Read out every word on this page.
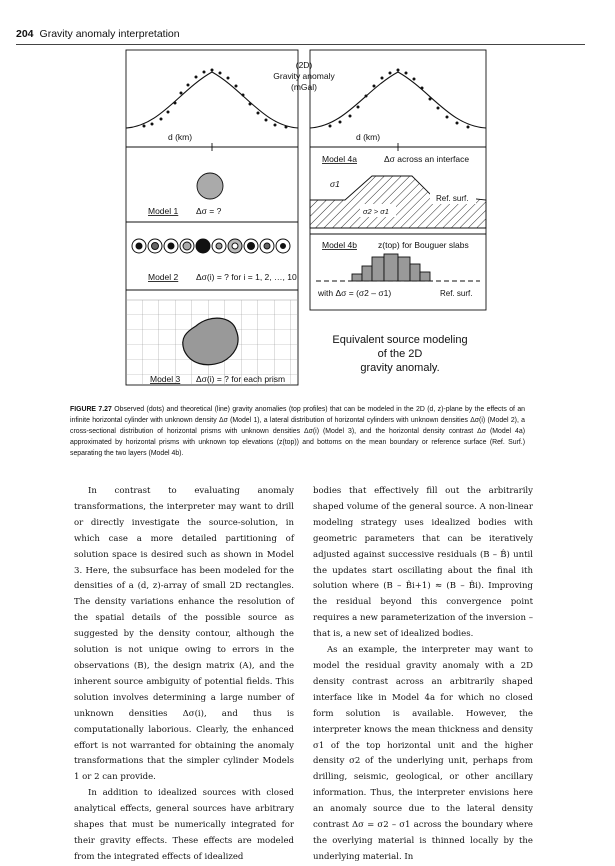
204 Gravity anomaly interpretation
d (km)	d (km)
(2D)
Gravity anomaly
(mGal)
Model 1 Δσ = ?
Model 2 Δσ(i) = ? for i = 1, 2, …, 10
Model 3 Δσ(i) = ? for each prism
Model 4a	Δσ across an interface
σ1
σ2 > σ1
Ref. surf.
Model 4b z(top) for Bouguer slabs
with Δσ = (σ2 – σ1)	Ref. surf.
Equivalent source modeling
of the 2D
gravity anomaly.
FIGURE 7.27 Observed (dots) and theoretical (line) gravity anomalies (top profiles) that can be modeled in the 2D (d, z)-plane by the effects of an infinite horizontal cylinder with unknown density Δσ (Model 1), a lateral distribution of horizontal cylinders with unknown densities Δσ(i) (Model 2), a cross-sectional distribution of horizontal prisms with unknown densities Δσ(i) (Model 3), and the horizontal density contrast Δσ (Model 4a) approximated by horizontal prisms with unknown top elevations (z(top)) and bottoms on the mean boundary or reference surface (Ref. Surf.) separating the two layers (Model 4b).

In contrast to evaluating anomaly transformations, the interpreter may want to drill or directly investigate the source-solution, in which case a more detailed partitioning of solution space is desired such as shown in Model 3. Here, the subsurface has been modeled for the densities of a (d, z)-array of small 2D rectangles. The density variations enhance the resolution of the spatial details of the possible source as suggested by the density contour, although the solution is not unique owing to errors in the observations (B), the design matrix (A), and the inherent source ambiguity of potential fields. This solution involves determining a large number of unknown densities Δσ(i), and thus is computationally laborious. Clearly, the enhanced effort is not warranted for obtaining the anomaly transformations that the simpler cylinder Models 1 or 2 can provide.

In addition to idealized sources with closed analytical effects, general sources have arbitrary shapes that must be numerically integrated for their gravity effects. These effects are modeled from the integrated effects of idealized

bodies that effectively fill out the arbitrarily shaped volume of the general source. A non-linear modeling strategy uses idealized bodies with geometric parameters that can be iteratively adjusted against successive residuals (B – B̂) until the updates start oscillating about the final ith solution where (B – B̂i+1) ≈ (B – B̂i). Improving the residual beyond this convergence point requires a new parameterization of the inversion – that is, a new set of idealized bodies.

As an example, the interpreter may want to model the residual gravity anomaly with a 2D density contrast across an arbitrarily shaped interface like in Model 4a for which no closed form solution is available. However, the interpreter knows the mean thickness and density σ1 of the top horizontal unit and the higher density σ2 of the underlying unit, perhaps from drilling, seismic, geological, or other ancillary information. Thus, the interpreter envisions here an anomaly source due to the lateral density contrast Δσ = σ2 – σ1 across the boundary where the overlying material is thinned locally by the underlying material. In
